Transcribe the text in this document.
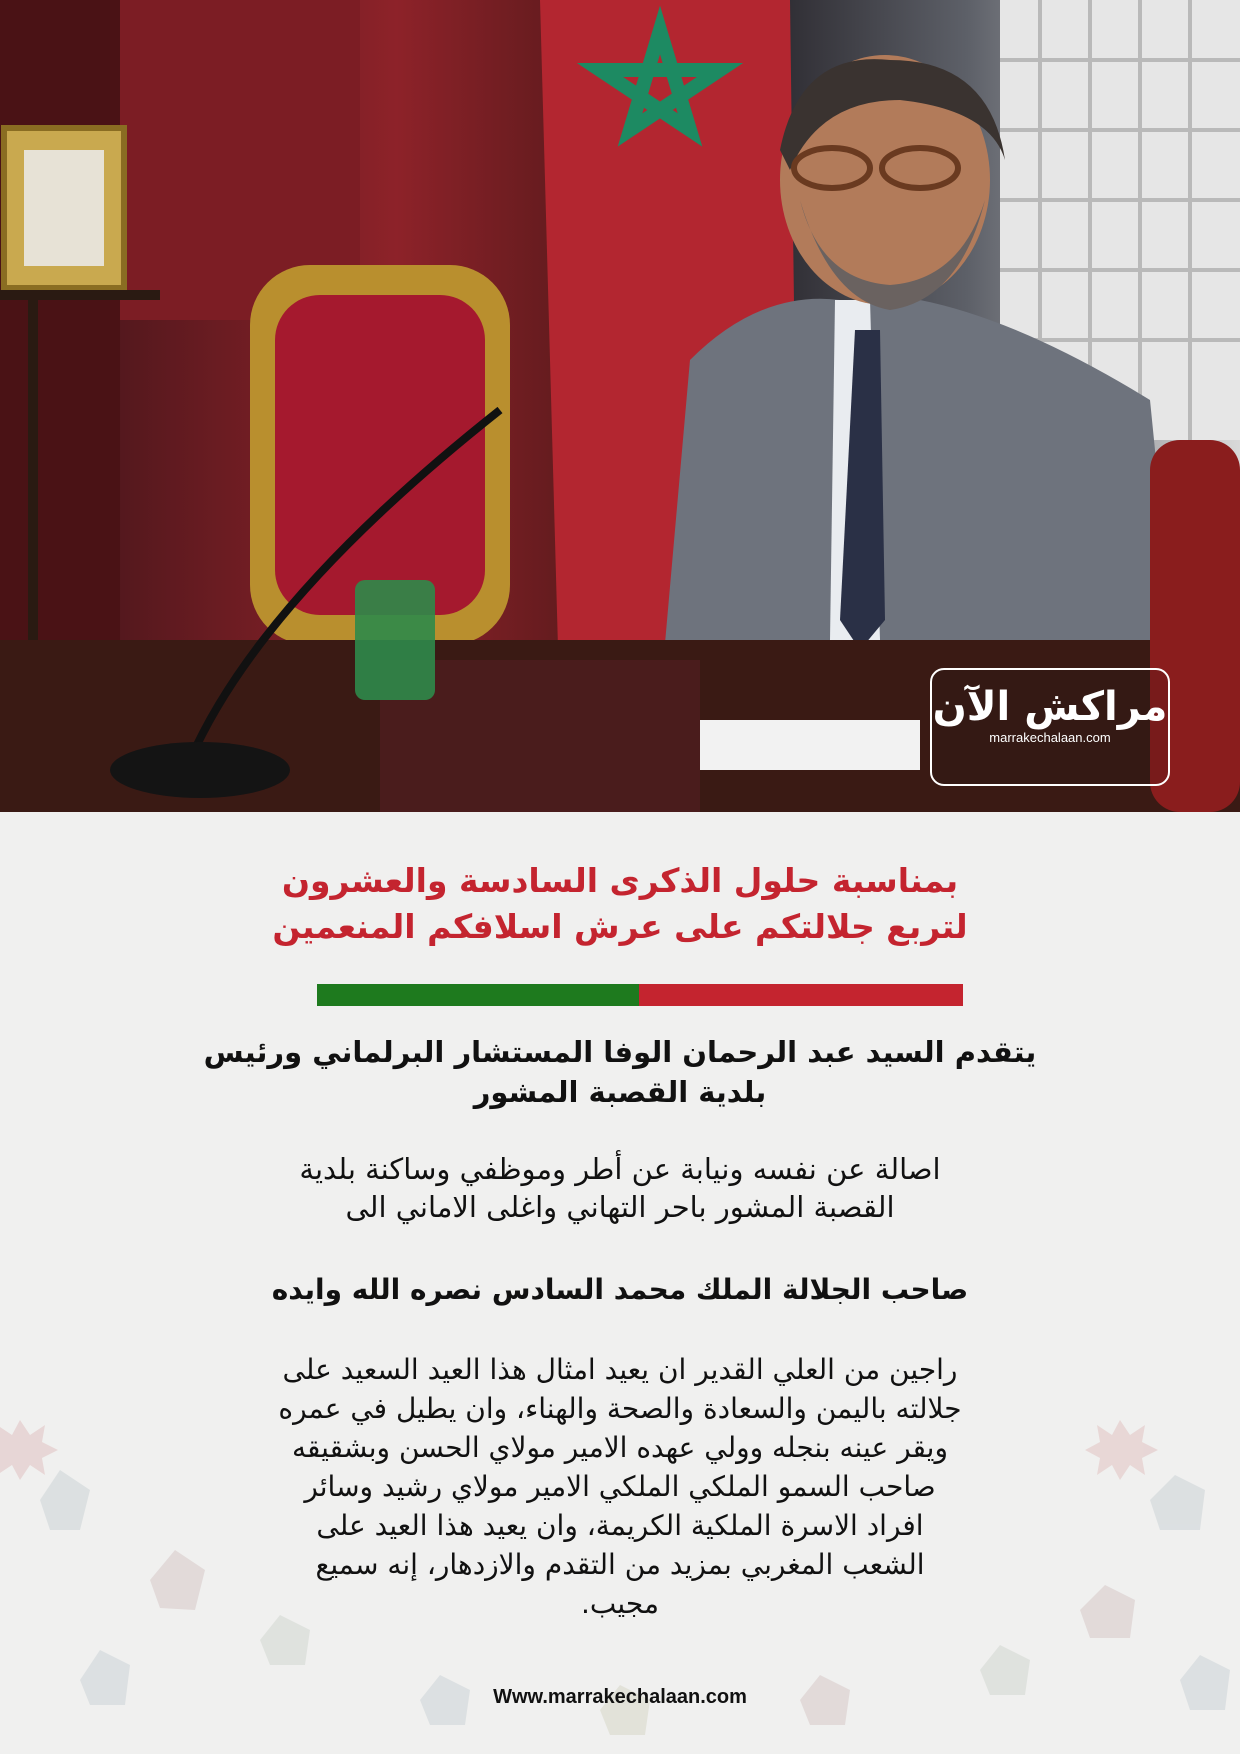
مراكش الآن
marrakechalaan.com
بمناسبة حلول الذكرى السادسة والعشرون
لتربع جلالتكم على عرش اسلافكم المنعمين
يتقدم السيد عبد الرحمان الوفا المستشار البرلماني ورئيس
بلدية القصبة المشور
اصالة عن نفسه ونيابة عن أطر وموظفي وساكنة بلدية
القصبة المشور باحر التهاني واغلى الاماني الى
صاحب الجلالة الملك محمد السادس نصره الله وايده
راجين من العلي القدير ان يعيد امثال هذا العيد السعيد على
جلالته باليمن والسعادة والصحة والهناء، وان يطيل في عمره
ويقر عينه بنجله وولي عهده الامير مولاي الحسن وبشقيقه
صاحب السمو الملكي الملكي الامير مولاي رشيد وسائر
افراد الاسرة الملكية الكريمة، وان يعيد هذا العيد على
الشعب المغربي بمزيد من التقدم والازدهار، إنه سميع
مجيب.
Www.marrakechalaan.com
